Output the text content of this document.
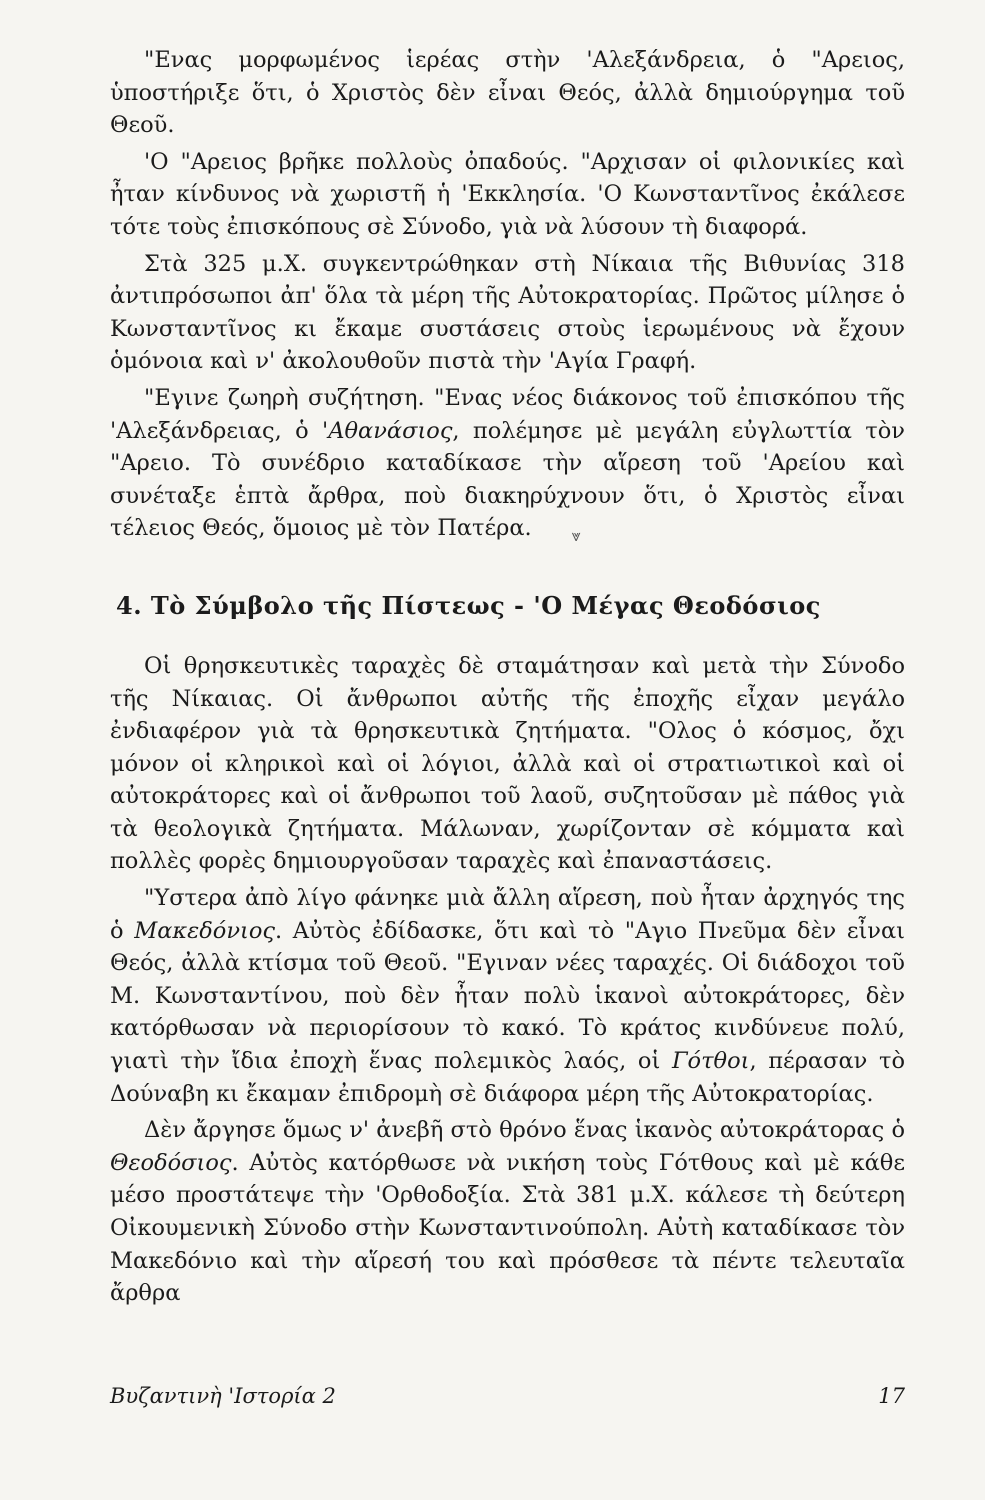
"Ενας μορφωμένος ἱερέας στὴν 'Αλεξάνδρεια, ὁ "Αρειος, ὑποστήριξε ὅτι, ὁ Χριστὸς δὲν εἶναι Θεός, ἀλλὰ δημιούργημα τοῦ Θεοῦ.

'Ο "Αρειος βρῆκε πολλοὺς ὀπαδούς. "Αρχισαν οἱ φιλονικίες καὶ ἦταν κίνδυνος νὰ χωριστῆ ἡ 'Εκκλησία. 'Ο Κωνσταντῖνος ἐκάλεσε τότε τοὺς ἐπισκόπους σὲ Σύνοδο, γιὰ νὰ λύσουν τὴ διαφορά.

Στὰ 325 μ.Χ. συγκεντρώθηκαν στὴ Νίκαια τῆς Βιθυνίας 318 ἀντιπρόσωποι ἀπ' ὅλα τὰ μέρη τῆς Αὐτοκρατορίας. Πρῶτος μίλησε ὁ Κωνσταντῖνος κι ἔκαμε συστάσεις στοὺς ἱερωμένους νὰ ἔχουν ὁμόνοια καὶ ν' ἀκολουθοῦν πιστὰ τὴν 'Αγία Γραφή.

"Εγινε ζωηρὴ συζήτηση. "Ενας νέος διάκονος τοῦ ἐπισκόπου τῆς 'Αλεξάνδρειας, ὁ 'Αθανάσιος, πολέμησε μὲ μεγάλη εὐγλωττία τὸν "Αρειο. Τὸ συνέδριο καταδίκασε τὴν αἵρεση τοῦ 'Αρείου καὶ συνέταξε ἑπτὰ ἄρθρα, ποὺ διακηρύχνουν ὅτι, ὁ Χριστὸς εἶναι τέλειος Θεός, ὅμοιος μὲ τὸν Πατέρα.	⩔

4. Τὸ Σύμβολο τῆς Πίστεως - 'Ο Μέγας Θεοδόσιος

Οἱ θρησκευτικὲς ταραχὲς δὲ σταμάτησαν καὶ μετὰ τὴν Σύνοδο τῆς Νίκαιας. Οἱ ἄνθρωποι αὐτῆς τῆς ἐποχῆς εἶχαν μεγάλο ἐνδιαφέρον γιὰ τὰ θρησκευτικὰ ζητήματα. "Ολος ὁ κόσμος, ὄχι μόνον οἱ κληρικοὶ καὶ οἱ λόγιοι, ἀλλὰ καὶ οἱ στρατιωτικοὶ καὶ οἱ αὐτοκράτορες καὶ οἱ ἄνθρωποι τοῦ λαοῦ, συζητοῦσαν μὲ πάθος γιὰ τὰ θεολογικὰ ζητήματα. Μάλωναν, χωρίζονταν σὲ κόμματα καὶ πολλὲς φορὲς δημιουργοῦσαν ταραχὲς καὶ ἐπαναστάσεις.

"Υστερα ἀπὸ λίγο φάνηκε μιὰ ἄλλη αἵρεση, ποὺ ἦταν ἀρχηγός της ὁ Μακεδόνιος. Αὐτὸς ἐδίδασκε, ὅτι καὶ τὸ "Αγιο Πνεῦμα δὲν εἶναι Θεός, ἀλλὰ κτίσμα τοῦ Θεοῦ. "Εγιναν νέες ταραχές. Οἱ διάδοχοι τοῦ Μ. Κωνσταντίνου, ποὺ δὲν ἦταν πολὺ ἱκανοὶ αὐτοκράτορες, δὲν κατόρθωσαν νὰ περιορίσουν τὸ κακό. Τὸ κράτος κινδύνευε πολύ, γιατὶ τὴν ἴδια ἐποχὴ ἕνας πολεμικὸς λαός, οἱ Γότθοι, πέρασαν τὸ Δούναβη κι ἔκαμαν ἐπιδρομὴ σὲ διάφορα μέρη τῆς Αὐτοκρατορίας.

Δὲν ἄργησε ὅμως ν' ἀνεβῆ στὸ θρόνο ἕνας ἱκανὸς αὐτοκράτορας ὁ Θεοδόσιος. Αὐτὸς κατόρθωσε νὰ νικήση τοὺς Γότθους καὶ μὲ κάθε μέσο προστάτεψε τὴν 'Ορθοδοξία. Στὰ 381 μ.Χ. κάλεσε τὴ δεύτερη Οἰκουμενικὴ Σύνοδο στὴν Κωνσταντινούπολη. Αὐτὴ καταδίκασε τὸν Μακεδόνιο καὶ τὴν αἵρεσή του καὶ πρόσθεσε τὰ πέντε τελευταῖα ἄρθρα

Βυζαντινὴ 'Ιστορία 2	17
